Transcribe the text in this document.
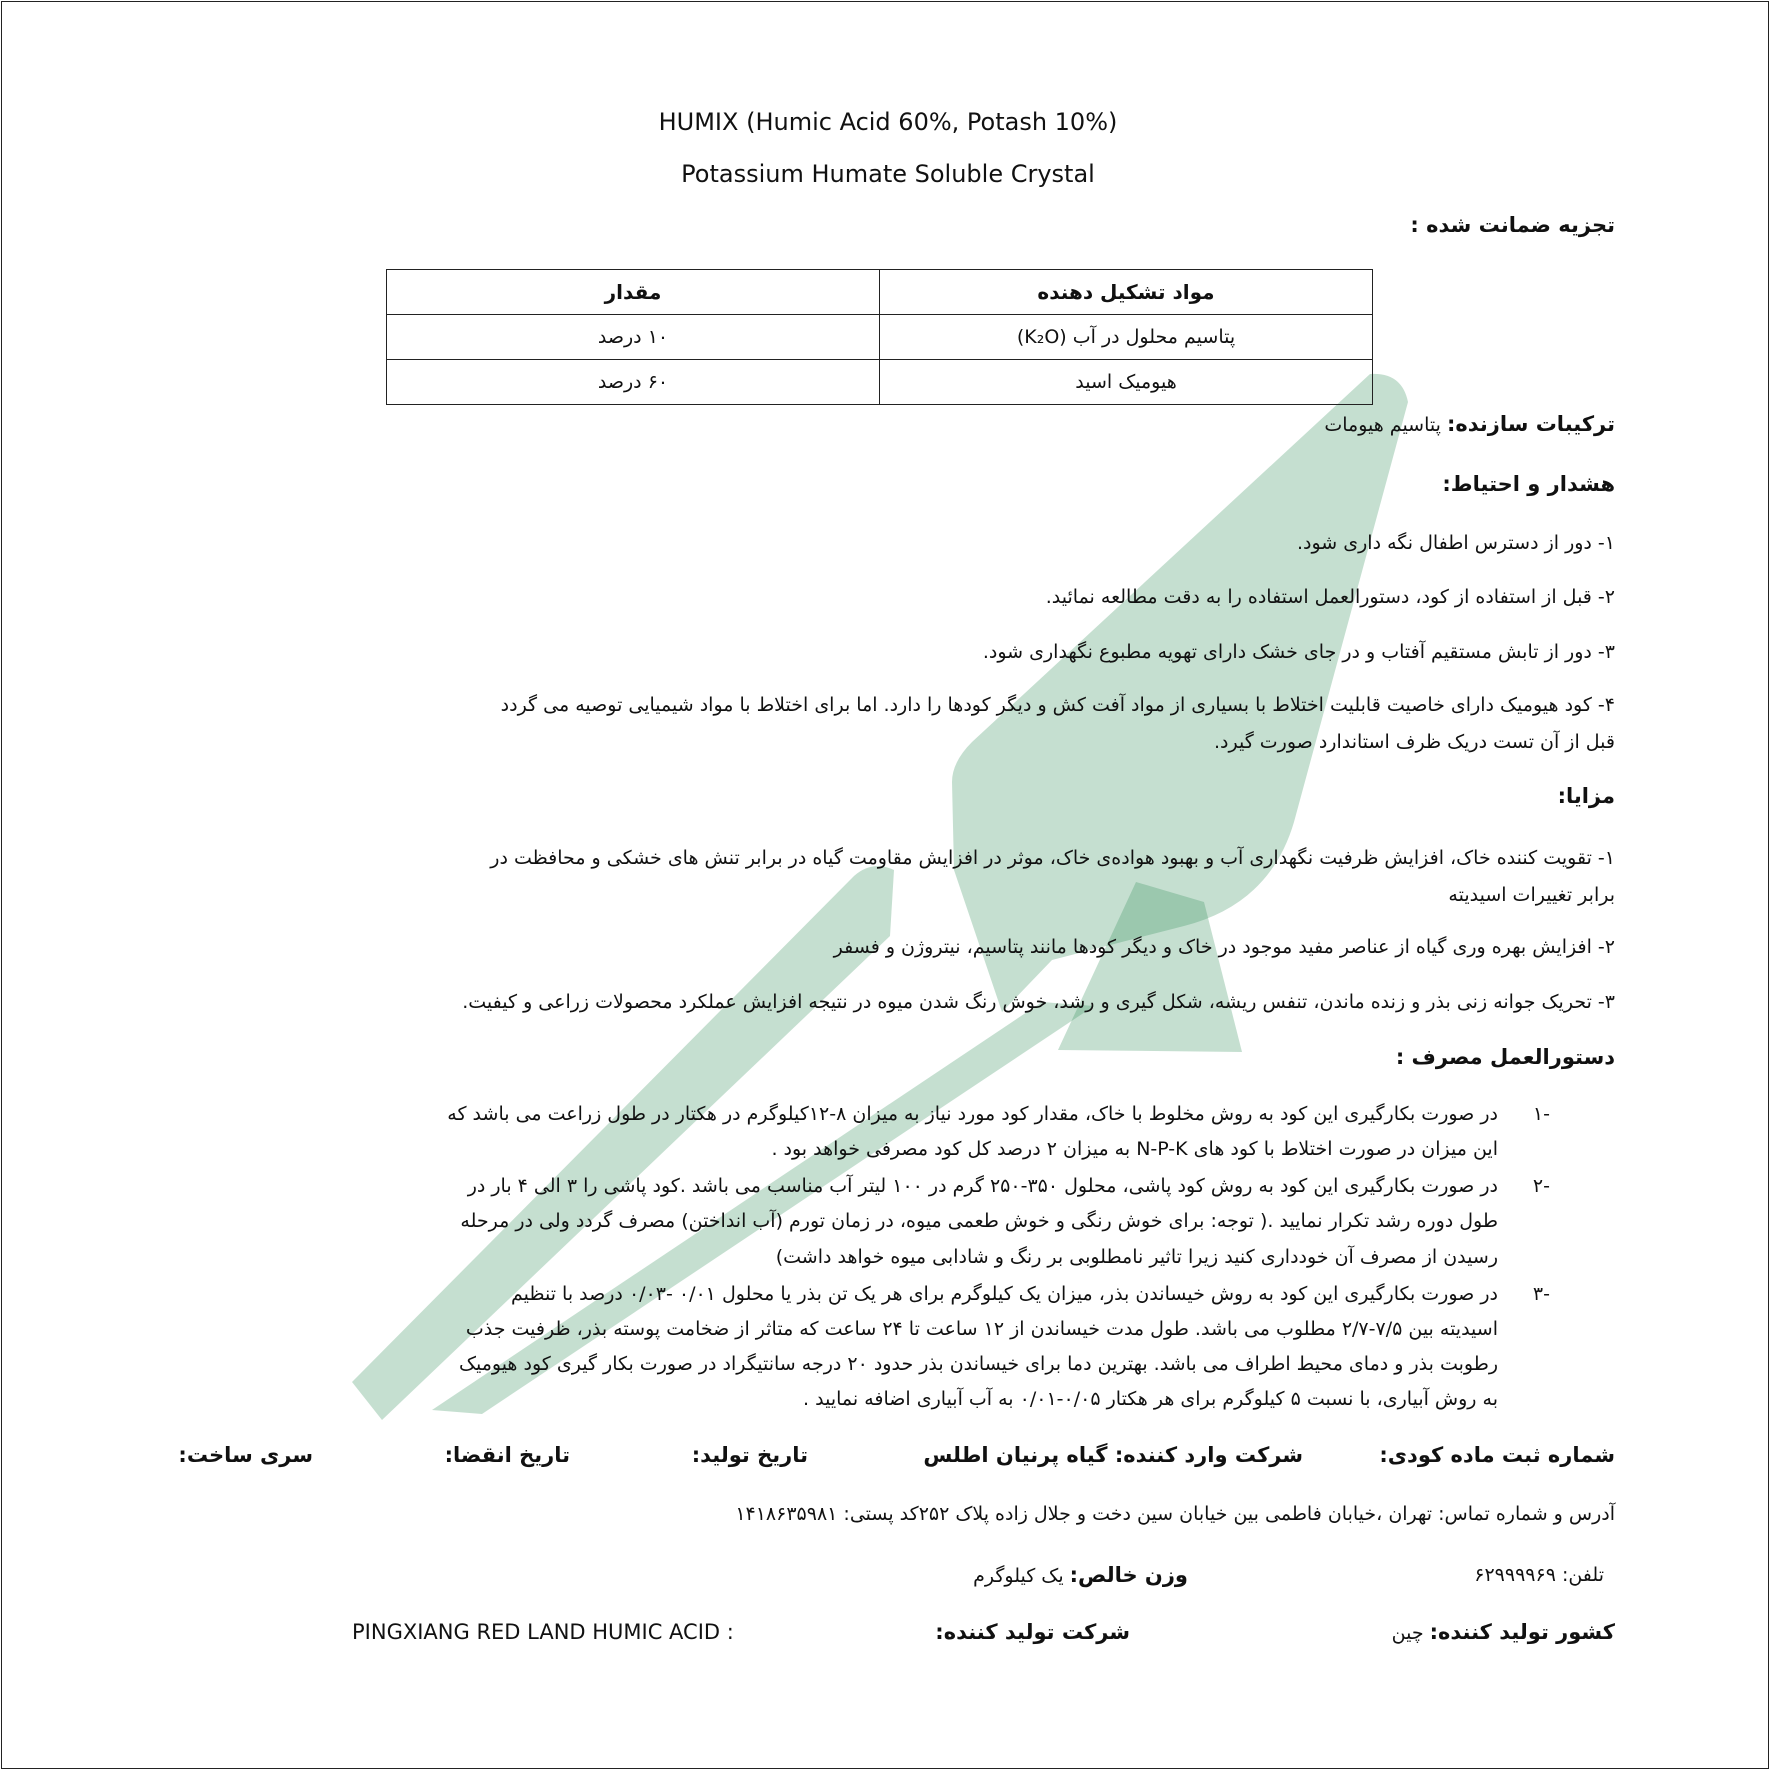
HUMIX (Humic Acid 60%, Potash 10%)
Potassium Humate Soluble Crystal
تجزیه ضمانت شده :
مواد تشکیل دهنده	مقدار
پتاسیم محلول در آب (K₂O)	۱۰ درصد
هیومیک اسید	۶۰ درصد
ترکیبات سازنده: پتاسیم هیومات
هشدار و احتیاط:
۱- دور از دسترس اطفال نگه داری شود.
۲- قبل از استفاده از کود، دستورالعمل استفاده را به دقت مطالعه نمائید.
۳- دور از تابش مستقیم آفتاب و در جای خشک دارای تهویه مطبوع نگهداری شود.
۴- کود هیومیک دارای خاصیت قابلیت اختلاط با بسیاری از مواد آفت کش و دیگر کودها را دارد. اما برای اختلاط با مواد شیمیایی توصیه می گردد
قبل از آن تست دریک ظرف استاندارد صورت گیرد.
مزایا:
۱- تقویت کننده خاک، افزایش ظرفیت نگهداری آب و بهبود هواده‌ی خاک، موثر در افزایش مقاومت گیاه در برابر تنش های خشکی و محافظت در
برابر تغییرات اسیدیته
۲- افزایش بهره وری گیاه از عناصر مفید موجود در خاک و دیگر کودها مانند پتاسیم، نیتروژن و فسفر
۳- تحریک جوانه زنی بذر و زنده ماندن، تنفس ریشه، شکل گیری و رشد، خوش رنگ شدن میوه در نتیجه افزایش عملکرد محصولات زراعی و کیفیت.
دستورالعمل مصرف :
-۱
-۲
-۳
در صورت بکارگیری این کود به روش مخلوط با خاک، مقدار کود مورد نیاز به میزان ۸-۱۲کیلوگرم در هکتار در طول زراعت می باشد که
این میزان در صورت اختلاط با کود های N-P-K به میزان ۲ درصد کل کود مصرفی خواهد بود .
در صورت بکارگیری این کود به روش کود پاشی، محلول ۳۵۰-۲۵۰ گرم در ۱۰۰ لیتر آب مناسب می باشد .کود پاشی را ۳ الی ۴ بار در
طول دوره رشد تکرار نمایید .( توجه: برای خوش رنگی و خوش طعمی میوه، در زمان تورم (آب انداختن) مصرف گردد ولی در مرحله
رسیدن از مصرف آن خودداری کنید زیرا تاثیر نامطلوبی بر رنگ و شادابی میوه خواهد داشت)
در صورت بکارگیری این کود به روش خیساندن بذر، میزان یک کیلوگرم برای هر یک تن بذر یا محلول ۰/۰۱ -۰/۰۳ درصد با تنظیم
اسیدیته بین ۷/۵-۲/۷ مطلوب می باشد. طول مدت خیساندن از ۱۲ ساعت تا ۲۴ ساعت که متاثر از ضخامت پوسته بذر، ظرفیت جذب
رطوبت بذر و دمای محیط اطراف می باشد. بهترین دما برای خیساندن بذر حدود ۲۰ درجه سانتیگراد در صورت بکار گیری کود هیومیک
به روش آبیاری، با نسبت ۵ کیلوگرم برای هر هکتار ۰/۰۵-۰/۰۱ به آب آبیاری اضافه نمایید .
شماره ثبت ماده کودی:
شرکت وارد کننده: گیاه پرنیان اطلس
تاریخ تولید:
تاریخ انقضا:
سری ساخت:
آدرس و شماره تماس: تهران ،خیابان فاطمی بین خیابان سین دخت و جلال زاده پلاک ۲۵۲کد پستی: ۱۴۱۸۶۳۵۹۸۱
تلفن: ۶۲۹۹۹۹۶۹
وزن خالص: یک کیلوگرم
کشور تولید کننده: چین
شرکت تولید کننده:
PINGXIANG RED LAND HUMIC ACID :
